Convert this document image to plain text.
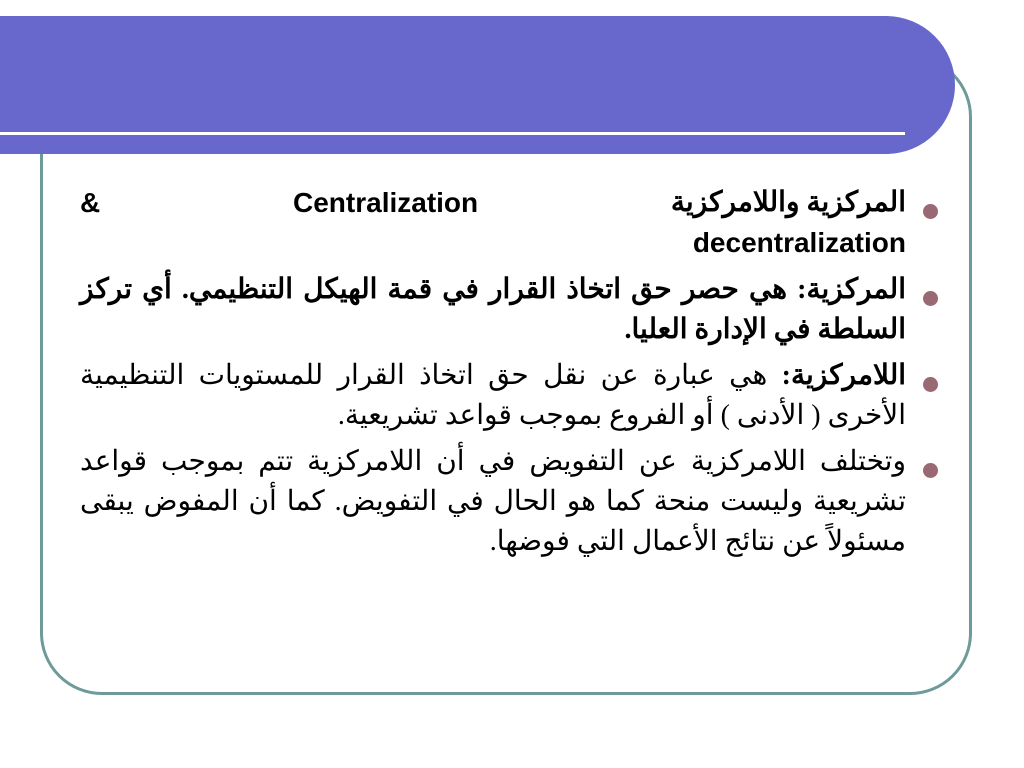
المركزية واللامركزية
Centralization
&
decentralization
المركزية: هي حصر حق اتخاذ القرار في قمة الهيكل التنظيمي. أي تركز السلطة في الإدارة العليا.
اللامركزية: هي عبارة عن نقل حق اتخاذ القرار للمستويات التنظيمية الأخرى ( الأدنى ) أو الفروع بموجب قواعد تشريعية.
وتختلف اللامركزية عن التفويض في أن اللامركزية تتم بموجب قواعد تشريعية وليست منحة كما هو الحال في التفويض. كما أن المفوض يبقى مسئولاً عن نتائج الأعمال التي فوضها.
